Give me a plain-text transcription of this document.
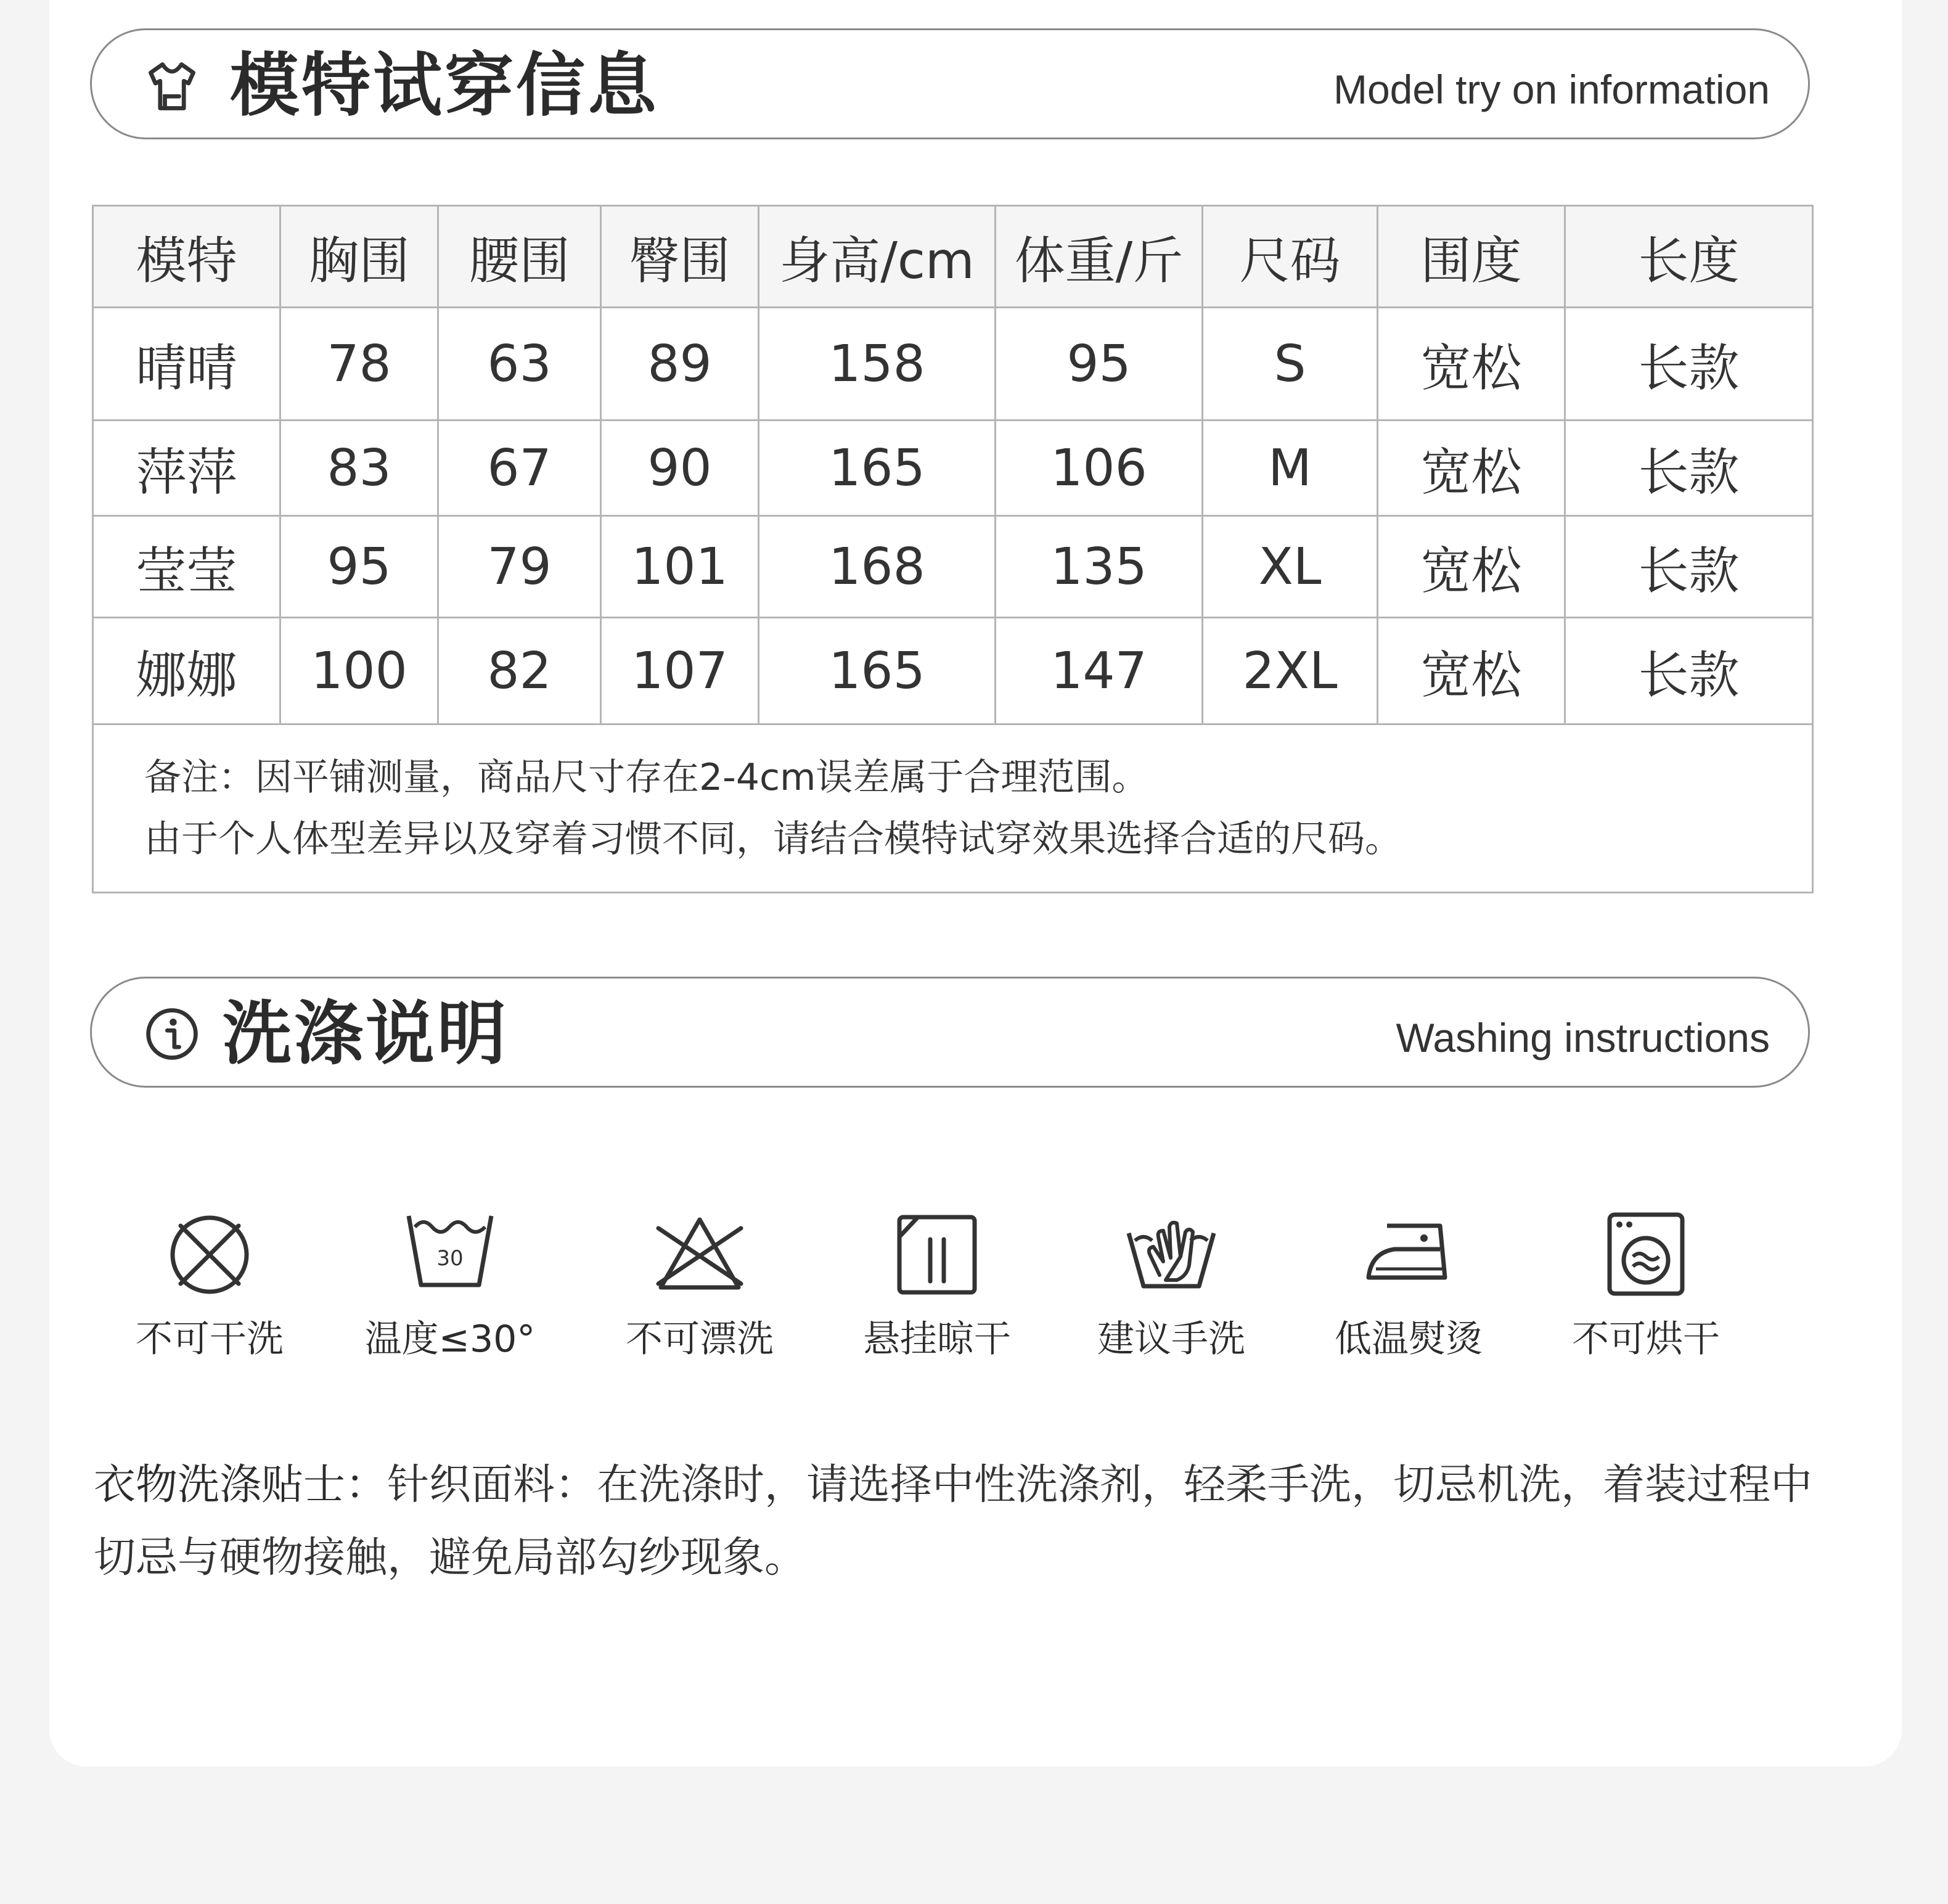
模特试穿信息	Model try on information
模特	胸围	腰围	臀围	身高/cm	体重/斤	尺码	围度	长度
晴晴	78	63	89	158	95	S	宽松	长款
萍萍	83	67	90	165	106	M	宽松	长款
莹莹	95	79	101	168	135	XL	宽松	长款
娜娜	100	82	107	165	147	2XL	宽松	长款

备注：因平铺测量，商品尺寸存在2-4cm误差属于合理范围。
由于个人体型差异以及穿着习惯不同，请结合模特试穿效果选择合适的尺码。								
洗涤说明	Washing instructions
不可干洗
30
温度≤30°	不可漂洗	悬挂晾干	建议手洗	低温熨烫	不可烘干
衣物洗涤贴士：针织面料：在洗涤时，请选择中性洗涤剂，轻柔手洗，切忌机洗，着装过程中切忌与硬物接触，避免局部勾纱现象。
